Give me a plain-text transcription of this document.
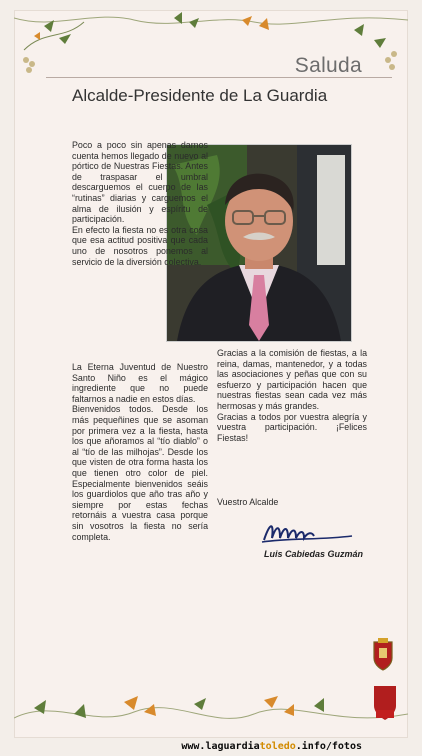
Saluda
Alcalde-Presidente de La Guardia

Poco a poco sin apenas darnos cuenta hemos llegado de nuevo al pórtico de Nuestras Fiestas. Antes de traspasar el umbral descarguemos el cuerpo de las “rutinas” diarias y carguemos el alma de ilusión y espíritu de participación.

En efecto la fiesta no es otra cosa que esa actitud positiva que cada uno de nosotros ponemos al servicio de la diversión colectiva.

La Eterna Juventud de Nuestro Santo Niño es el mágico ingrediente que no puede faltarnos a nadie en estos días.

Bienvenidos todos. Desde los más pequeñines que se asoman por primera vez a la fiesta, hasta los que añoramos al “tío diablo” o al “tío de las milhojas”. Desde los que visten de otra forma hasta los que tienen otro color de piel. Especialmente bienvenidos seáis los guardiolos que año tras año y siempre por estas fechas retornáis a vuestra casa porque sin vosotros la fiesta no sería completa.

Gracias a la comisión de fiestas, a la reina, damas, mantenedor, y a todas las asociaciones y peñas que con su esfuerzo y participación hacen que nuestras fiestas sean cada vez más hermosas y más grandes.

Gracias a todos por vuestra alegría y vuestra participación. ¡Felices Fiestas!

Vuestro Alcalde
Luis Cabiedas Guzmán
www.laguardiatoledo.info/fotos
